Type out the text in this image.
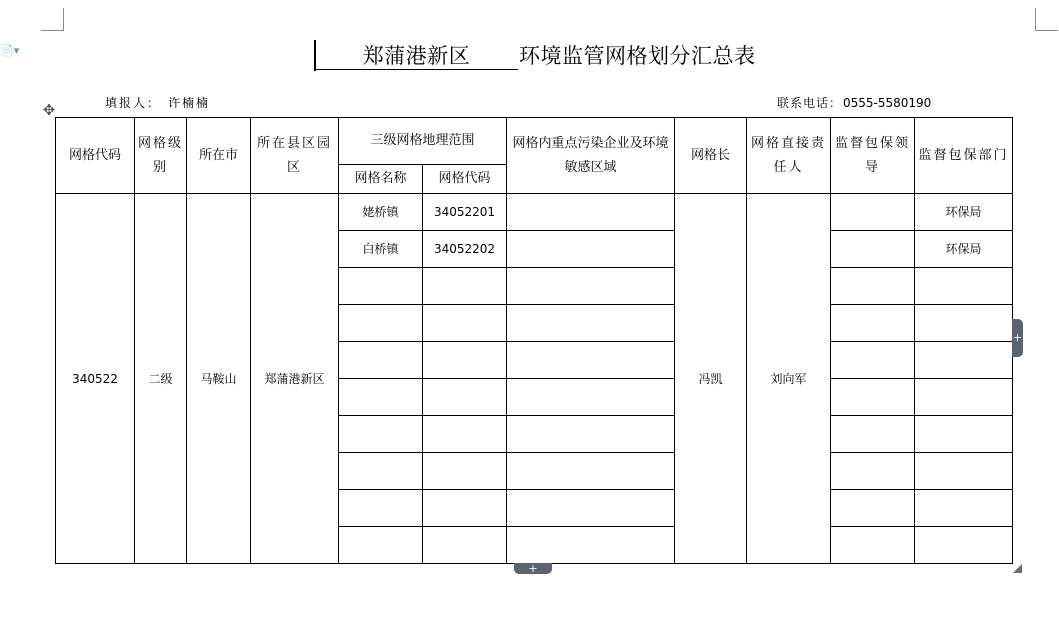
📄▾	郑蒲港新区	环境监管网格划分汇总表
✥	填报人： 许楠楠	联系电话： 0555-5580190
网格代码	网格级别	所在市	所在县区园区	三级网格地理范围		网格内重点污染企业及环境敏感区域	网格长	网格直接责任人	监督包保领导	监督包保部门
				网格名称	网格代码					
340522	二级	马鞍山	郑蒲港新区	姥桥镇	34052201		冯凯	刘向军		环保局
				白桥镇	34052202					环保局

+
+
